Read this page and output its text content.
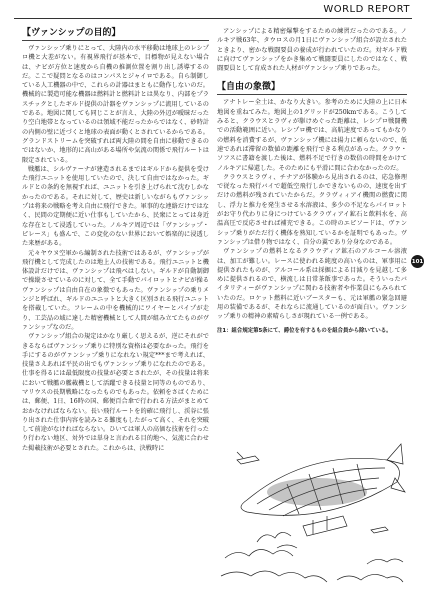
WORLD REPORT
【ヴァンシップの目的】

ヴァンシップ乗りにとって、大陸内の水平移動は地球上のレシプロ機と大差がない。有視界飛行が基本で、目標物が見えない場合は、ナビが方位と速度から自機の推測位置を割り出し誘導するのだ。ここで疑問となるのはコンパスとジャイロである。自ら制御している人工機器の中で、これらの計器はまともに動作しないのだ。機械的に製造可能な機器は燃料計と燃料計とは異なり、内部をプラスチックとしたギルド提供の計器をヴァンシップに流用しているのである。地図に関しても同じことが言え、大陸の外辺が曖昧だったり空白地帯となっているのは領域不能だったからではなく、砂時計の内側の壁に近づくと地球の表面が動くとされているからである。グランドストリームを突破すれば両大陸の間を自由に移動できるのではないか、地形的に高山がある場所や気流の関係で飛行ルートは限定されている。

戦艦は、シルヴァーナが建造されるまではギルドから提供を受けた飛行ユニットを使用していたので、決して自由ではなかった。ギルドとの条約を無視すれば、ユニットを引き上げられて沈むしかなかったのである。それに対して、歴史は新しいながらもヴァンシップは将来の戦略を考え自由に飛行できた。軍事的な連絡だけではなく、民間の定期便に近い仕事もしていたから、民衆にとっては身近な存在として浸透していった。ノルキア周辺では「ヴァンシップ・ピレース」も盛んで、この変化のない世界において娯楽的に浸透した来歴がある。

元々ヤウヌ空軍から編制された技術ではあるが、ヴァンシップが飛行機として完成したのは地上人の技術である。飛行ユニットと機体設計だけでは、ヴァンシップは飛べはしない。ギルドが自動制御で操縦させているのに対して、全て手動でパイロットとナビが操るヴァンシップは自由自在の象徴でもあった。ヴァンシップの乗りメンジと呼ばれ、ギルドのユニットと大きく区別される飛行ユニットを搭載していた。フレームの中を機械的にワイヤーとパイプが走り、工芸品の域に達した精密機械として人間が組み立てたものがヴァンシップなのだ。

ヴァンシップ組合の規定はかなり厳しく思えるが、逆にそれができるならばヴァンシップ乗りに特別な資格は必要なかった。飛行を手にするのがヴァンシップ乗りになれない規定***まで考えれば、技量さえあれば平民の出でもヴァンシップ乗りになれたのである。仕事を得るには最低限度の技量が必要とされたが、その技量は将来において戦艦の艦載機として活躍できる技量と同等のものであり、マリウスの長期戦略になったものでもあった。依頼をさばくためには、郵便、1日、16時の国、郵便百合傘で行われる方法がまとめておかなければならない。長い飛行ルートを的確に飛行し、渓谷に張り出された仕事内容を読みとる難度もしたがって高く、それを突破して前途がなければならない。ひいては軍人の高価な技術を行ったり行わない地区、対外では単身と言われる目的地へ、気流に合わせた掲載技術が必要とされた。これからは、決戦時に

アンシップによる精密爆撃をするための練習だったのである。ノルキア戦63年、タウロスの月1日にヴァンシップ組合が設立されたときより、密かな戦闘要員の養成が行われていたのだ。対ギルド戦に向けてヴァンシップをかき集めて戦闘要員にしたのではなく、戦闘要員として育成された人材がヴァンシップ乗りであった。

【自由の象徴】

アナトレー全土は、かなり大きい。参考のために大陸の上に日本地図を重ねてみた。地図上の1グリッドが250kmである。こうしてみると、クラウスとラヴィが駆けめぐった距離は、レシプロ戦闘機での活動範囲に近い。レシプロ機では、高航速度であってもかなりの燃料を消費するが、ヴァンシップ機には揚力に頼らないので、低速であれば滞留の数値の距離を飛行できる利点があった。クラウ・ソフスに書籍を渡した後は、燃料不足で行きの数倍の時間をかけてノルキアに帰還した。そのためにも平滑に間に合わなかったのだ。

クラウスとラヴィ、チナアが体験から見出されるのは、応急修理で従なった飛行バイで超低空飛行しかできないものの、速度を出すだけの燃料が残されていたからだ。クラヴィィアイ機関の燃費に関し、浮力と推力を発生させる水溶液は、多少の不足ならパイロットがお守り代わりに身につけているクラヴィアイ鉱石と飲料水を、高温高圧で反応させれば補充できる。この時のエピソードは、ヴァンシップ乗りがただ行く機体を熟知しているかを証明でもあった。ヴァンシップは借り物ではなく、自分の翼であり分身なのである。

ヴァンシップの燃料となるクラウディア鉱石のアルコール溶液は、加工が難しい。レースに使われる純度の高いものは、軍事用に提供されたものが、アルコール系は採掘による目減りを見越して多めに提供されるので、横流しは日常茶飯事であった。そういったバイタリティーがヴァンシップに関わる技術者や作業員にもみられていたのだ。ロケット燃料に近いブースターも、元は軍艦の緊急回避用の装備であるが、それならに流通しているのが面白い。ヴァンシップ乗りの精神の素晴らしさが現れている一例である。

注1：組合規定第5条にて、爵位を有するものを組合員から除いている。
101
